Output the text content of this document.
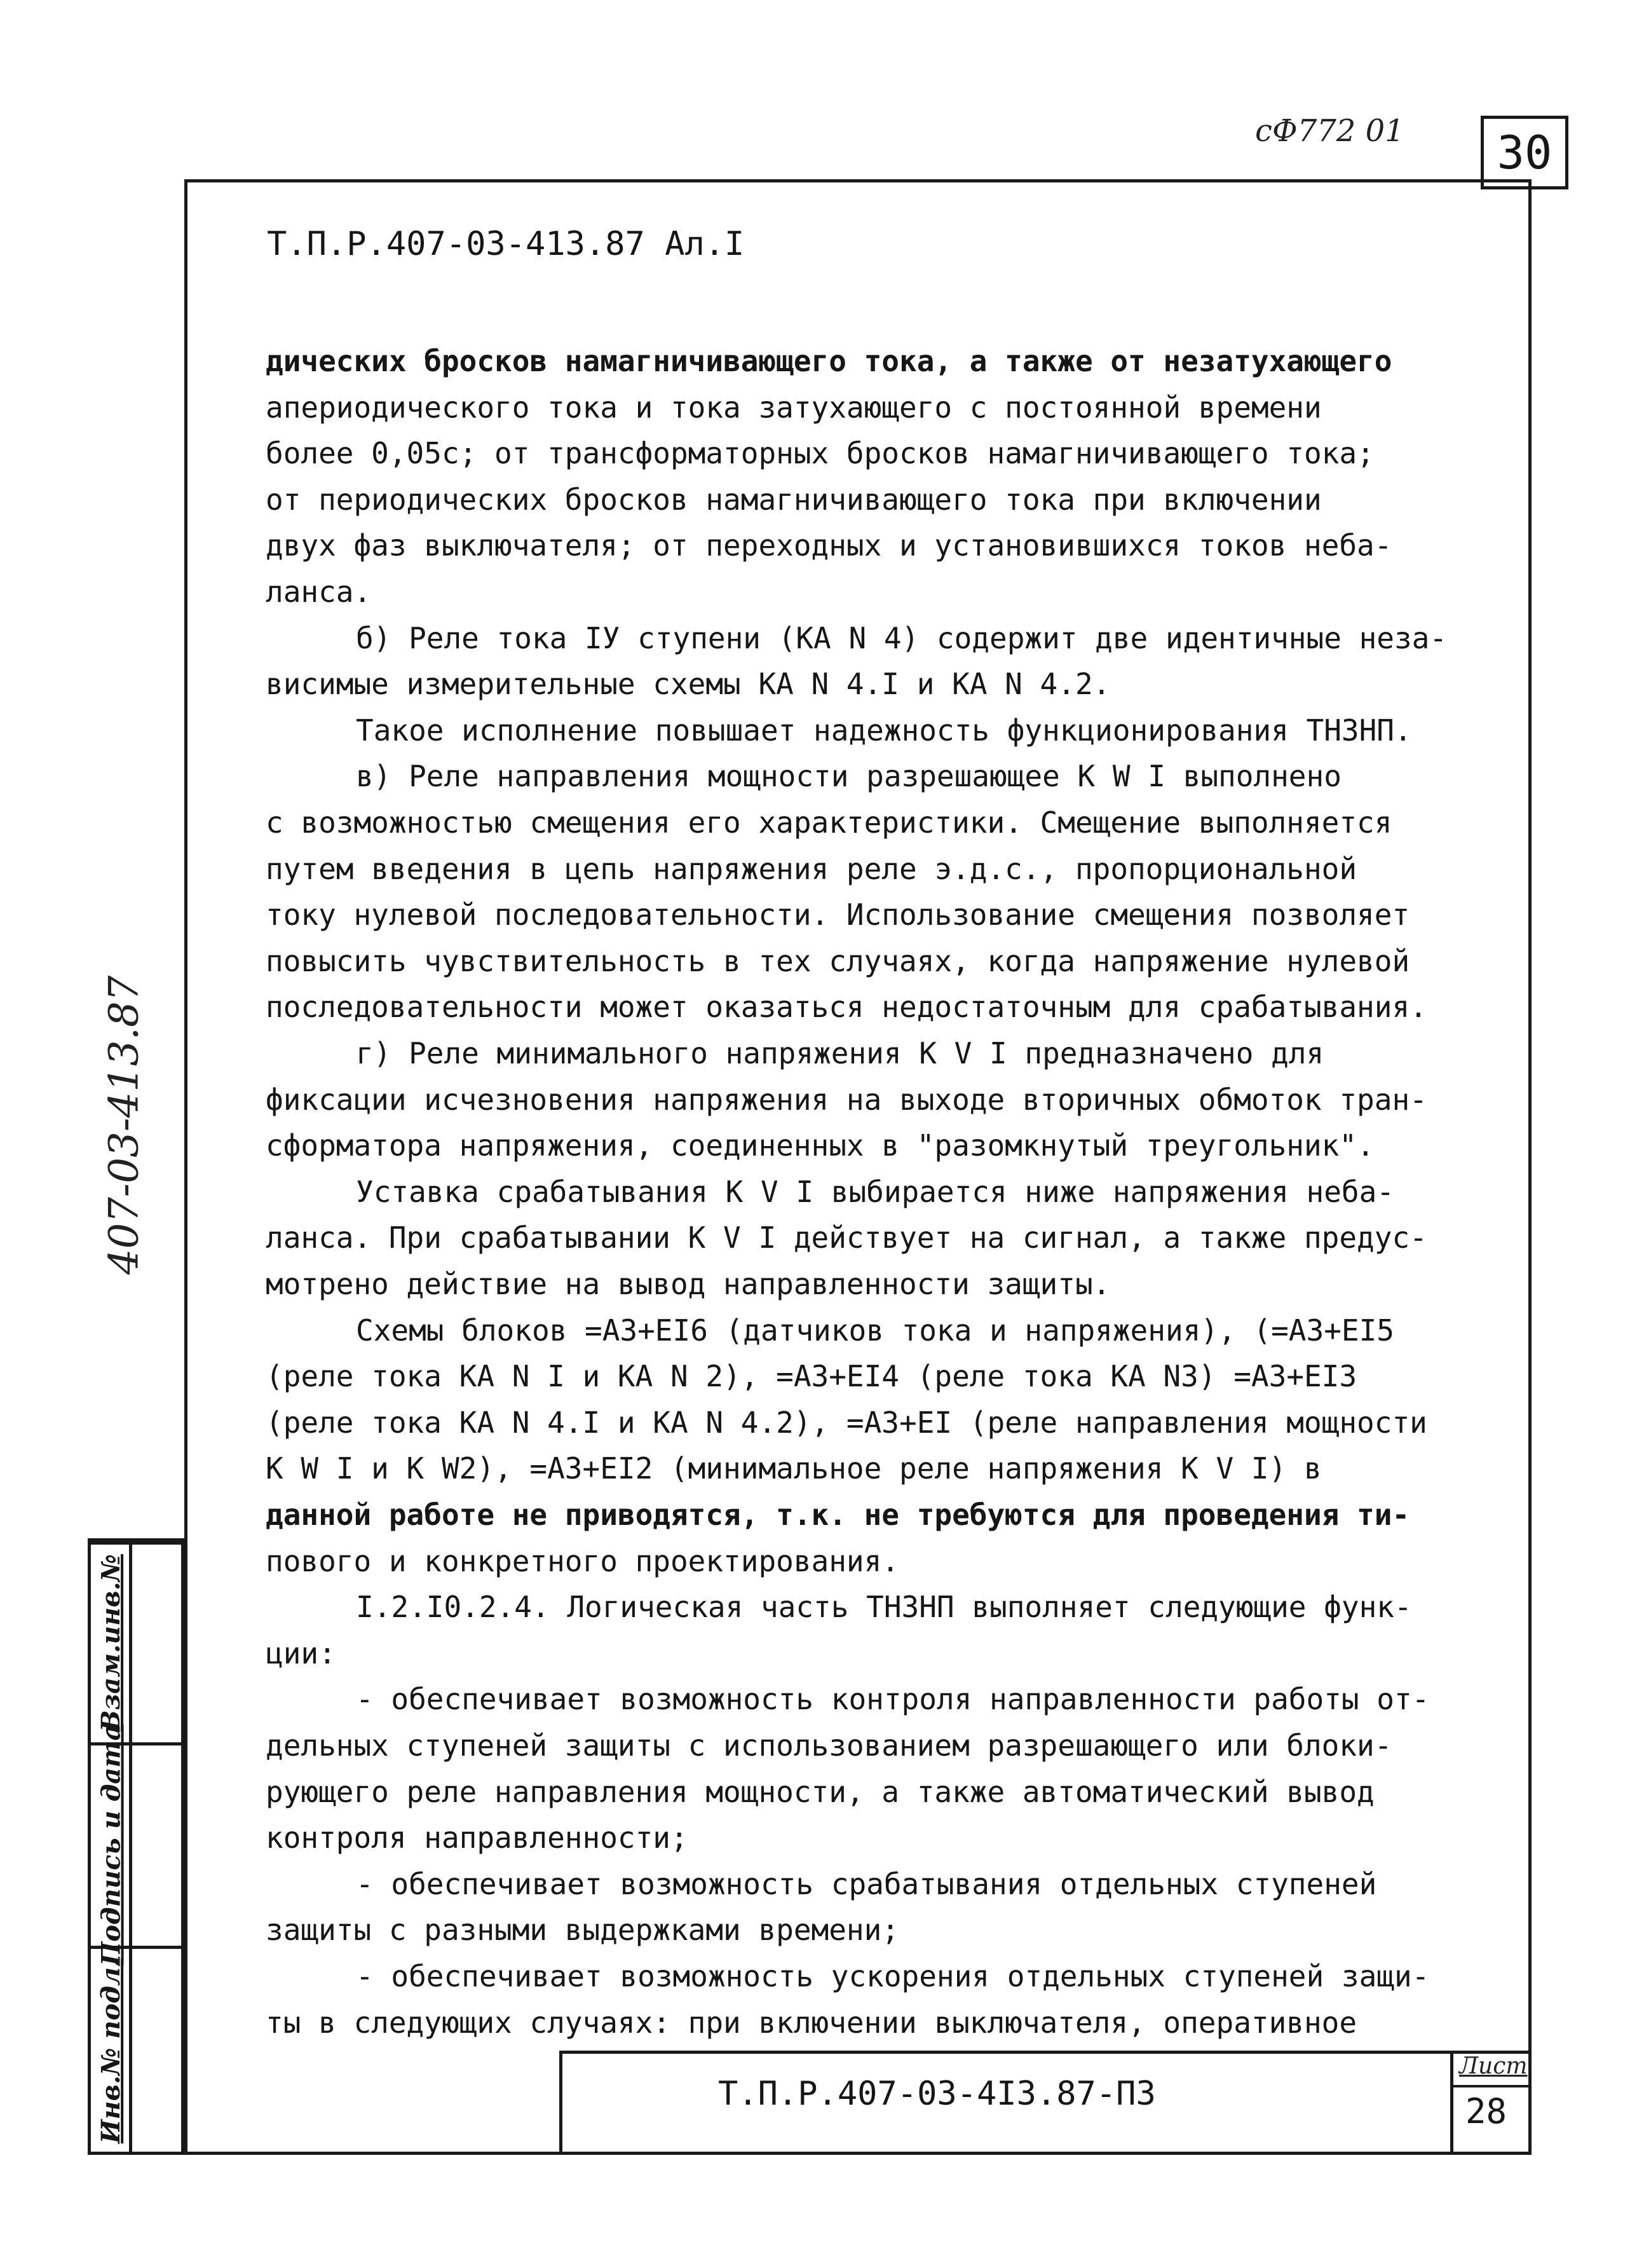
сФ772 01	30
Т.П.Р.407-03-413.87 Ал.I
дических бросков намагничивающего тока, а также от незатухающего
апериодического тока и тока затухающего с постоянной времени
более 0,05с; от трансформаторных бросков намагничивающего тока;
от периодических бросков намагничивающего тока при включении
двух фаз выключателя; от переходных и установившихся токов неба-
ланса.
б) Реле тока IУ ступени (KA N 4) содержит две идентичные неза-
висимые измерительные схемы KA N 4.I и KA N 4.2.
Такое исполнение повышает надежность функционирования ТНЗНП.
в) Реле направления мощности разрешающее K W I выполнено
с возможностью смещения его характеристики. Смещение выполняется
путем введения в цепь напряжения реле э.д.с., пропорциональной
току нулевой последовательности. Использование смещения позволяет
повысить чувствительность в тех случаях, когда напряжение нулевой
последовательности может оказаться недостаточным для срабатывания.
г) Реле минимального напряжения K V I предназначено для
фиксации исчезновения напряжения на выходе вторичных обмоток тран-
сформатора напряжения, соединенных в "разомкнутый треугольник".
Уставка срабатывания K V I выбирается ниже напряжения неба-
ланса. При срабатывании K V I действует на сигнал, а также предус-
мотрено действие на вывод направленности защиты.
Схемы блоков =А3+ЕI6 (датчиков тока и напряжения), (=А3+ЕI5
(реле тока KA N I и KA N 2), =А3+ЕI4 (реле тока KA N3) =А3+ЕI3
(реле тока KA N 4.I и KA N 4.2), =А3+ЕI (реле направления мощности
K W I и K W2), =А3+ЕI2 (минимальное реле напряжения K V I) в
данной работе не приводятся, т.к. не требуются для проведения ти-
пового и конкретного проектирования.
I.2.I0.2.4. Логическая часть ТНЗНП выполняет следующие функ-
ции:
- обеспечивает возможность контроля направленности работы от-
дельных ступеней защиты с использованием разрешающего или блоки-
рующего реле направления мощности, а также автоматический вывод
контроля направленности;
- обеспечивает возможность срабатывания отдельных ступеней
защиты с разными выдержками времени;
- обеспечивает возможность ускорения отдельных ступеней защи-
ты в следующих случаях: при включении выключателя, оперативное
407-03-413.87
Взам.инв.№
Подпись и дата
Инв.№ подл.	Т.П.Р.407-03-4I3.87-ПЗ
Лист
28
